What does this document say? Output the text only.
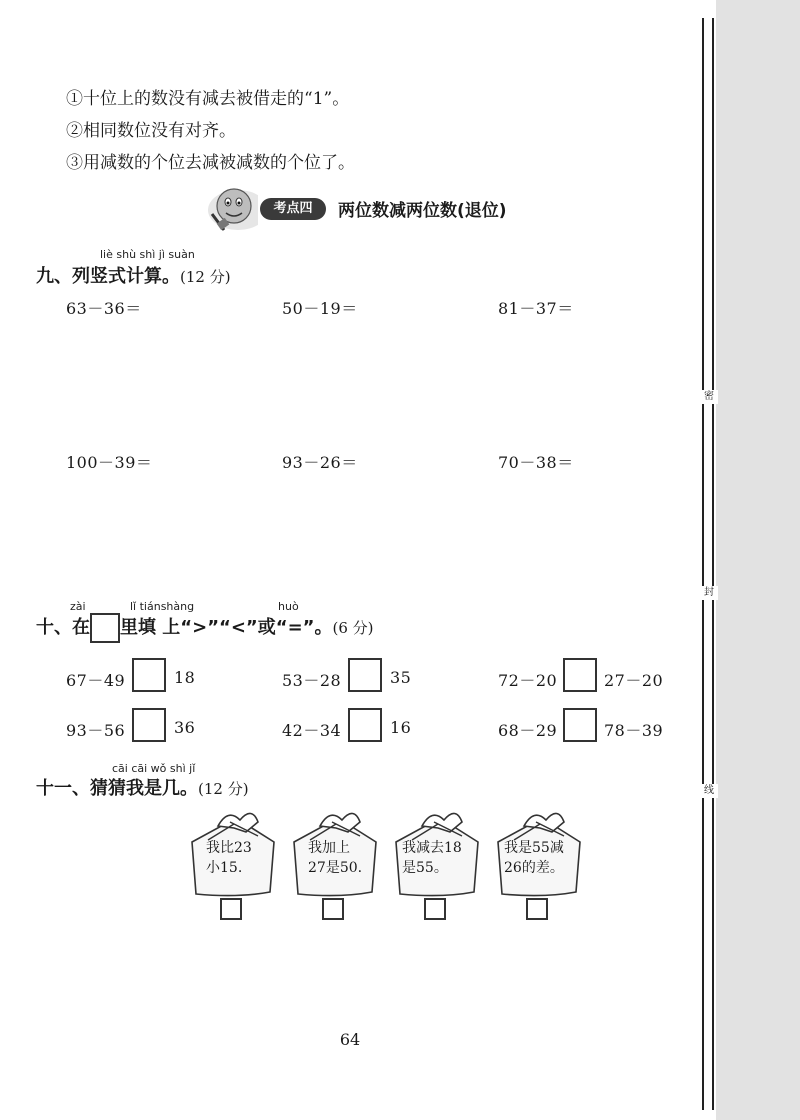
密
封
线
①十位上的数没有减去被借走的“1”。
②相同数位没有对齐。
③用减数的个位去减被减数的个位了。
考点四	两位数减两位数(退位)
liè shù shì jì suàn
九、列竖式计算。(12 分)
63－36＝	50－19＝	81－37＝
100－39＝	93－26＝	70－38＝
zài	lǐ tiánshàng	huò
十、在 里填 上“>”“<”或“=”。(6 分)
67－49	18	53－28	35	72－20	27－20
93－56	36	42－34	16	68－29	78－39
cāi cāi wǒ shì jǐ
十一、猜猜我是几。(12 分)
我比23
小15.
我加上
27是50.
我减去18
是55。
我是55减
26的差。
64
